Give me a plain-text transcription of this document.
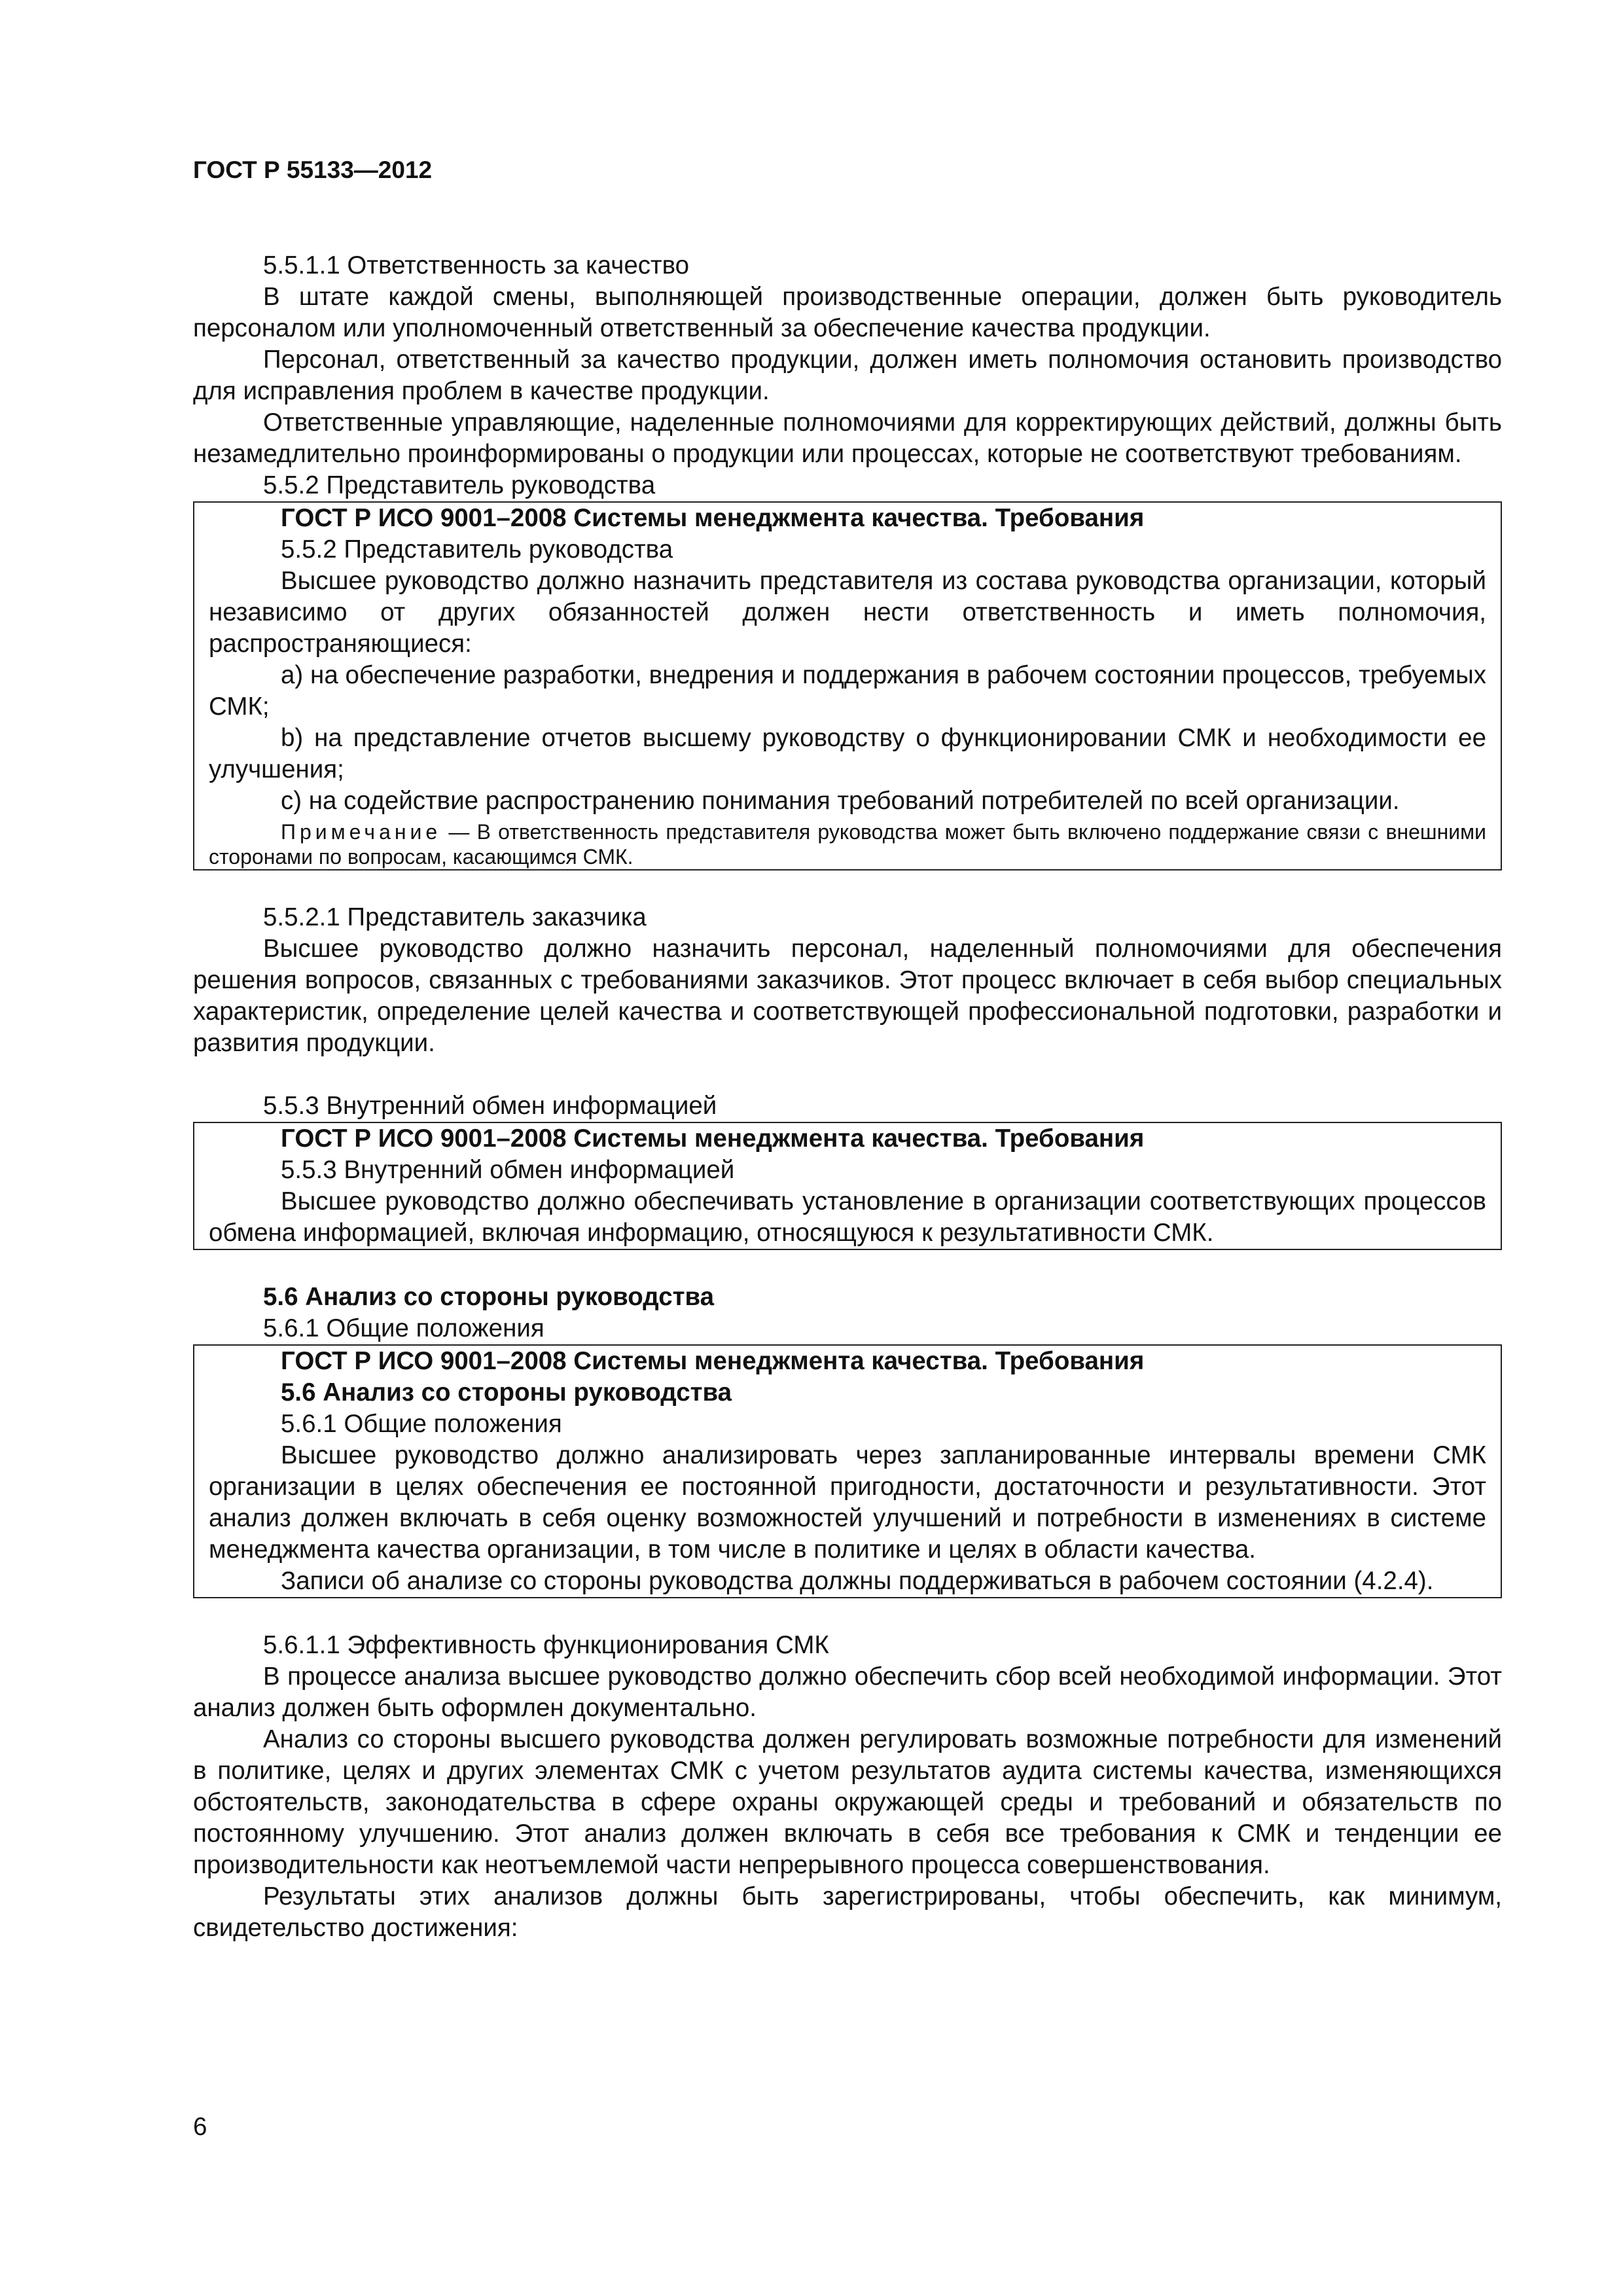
ГОСТ Р 55133—2012

5.5.1.1 Ответственность за качество

В штате каждой смены, выполняющей производственные операции, должен быть руководитель персоналом или уполномоченный ответственный за обеспечение качества продукции.

Персонал, ответственный за качество продукции, должен иметь полномочия остановить производство для исправления проблем в качестве продукции.

Ответственные управляющие, наделенные полномочиями для корректирующих действий, должны быть незамедлительно проинформированы о продукции или процессах, которые не соответствуют требованиям.

5.5.2 Представитель руководства

ГОСТ Р ИСО 9001–2008 Системы менеджмента качества. Требования

5.5.2 Представитель руководства

Высшее руководство должно назначить представителя из состава руководства организации, который независимо от других обязанностей должен нести ответственность и иметь полномочия, распространяющиеся:

a) на обеспечение разработки, внедрения и поддержания в рабочем состоянии процессов, требуемых СМК;

b) на представление отчетов высшему руководству о функционировании СМК и необходимости ее улучшения;

c) на содействие распространению понимания требований потребителей по всей организации.

Примечание — В ответственность представителя руководства может быть включено поддержание связи с внешними сторонами по вопросам, касающимся СМК.

5.5.2.1 Представитель заказчика

Высшее руководство должно назначить персонал, наделенный полномочиями для обеспечения решения вопросов, связанных с требованиями заказчиков. Этот процесс включает в себя выбор специальных характеристик, определение целей качества и соответствующей профессиональной подготовки, разработки и развития продукции.

5.5.3 Внутренний обмен информацией

ГОСТ Р ИСО 9001–2008 Системы менеджмента качества. Требования

5.5.3 Внутренний обмен информацией

Высшее руководство должно обеспечивать установление в организации соответствующих процессов обмена информацией, включая информацию, относящуюся к результативности СМК.

5.6 Анализ со стороны руководства

5.6.1 Общие положения

ГОСТ Р ИСО 9001–2008 Системы менеджмента качества. Требования

5.6 Анализ со стороны руководства

5.6.1 Общие положения

Высшее руководство должно анализировать через запланированные интервалы времени СМК организации в целях обеспечения ее постоянной пригодности, достаточности и результативности. Этот анализ должен включать в себя оценку возможностей улучшений и потребности в изменениях в системе менеджмента качества организации, в том числе в политике и целях в области качества.

Записи об анализе со стороны руководства должны поддерживаться в рабочем состоянии (4.2.4).

5.6.1.1 Эффективность функционирования СМК

В процессе анализа высшее руководство должно обеспечить сбор всей необходимой информации. Этот анализ должен быть оформлен документально.

Анализ со стороны высшего руководства должен регулировать возможные потребности для изменений в политике, целях и других элементах СМК с учетом результатов аудита системы качества, изменяющихся обстоятельств, законодательства в сфере охраны окружающей среды и требований и обязательств по постоянному улучшению. Этот анализ должен включать в себя все требования к СМК и тенденции ее производительности как неотъемлемой части непрерывного процесса совершенствования.

Результаты этих анализов должны быть зарегистрированы, чтобы обеспечить, как минимум, свидетельство достижения:

6
